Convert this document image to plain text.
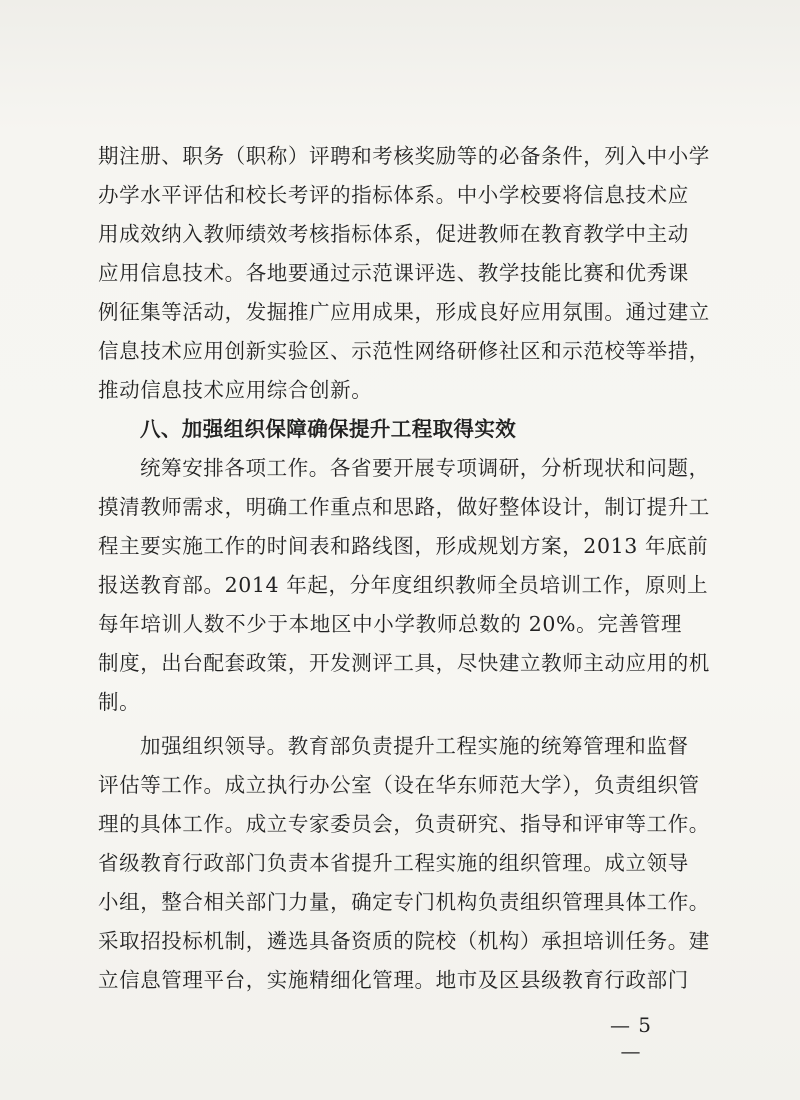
期注册、职务（职称）评聘和考核奖励等的必备条件，列入中小学
办学水平评估和校长考评的指标体系。中小学校要将信息技术应
用成效纳入教师绩效考核指标体系，促进教师在教育教学中主动
应用信息技术。各地要通过示范课评选、教学技能比赛和优秀课
例征集等活动，发掘推广应用成果，形成良好应用氛围。通过建立
信息技术应用创新实验区、示范性网络研修社区和示范校等举措，
推动信息技术应用综合创新。
八、加强组织保障确保提升工程取得实效
统筹安排各项工作。各省要开展专项调研，分析现状和问题，
摸清教师需求，明确工作重点和思路，做好整体设计，制订提升工
程主要实施工作的时间表和路线图，形成规划方案，2013 年底前
报送教育部。2014 年起，分年度组织教师全员培训工作，原则上
每年培训人数不少于本地区中小学教师总数的 20%。完善管理
制度，出台配套政策，开发测评工具，尽快建立教师主动应用的机
制。
加强组织领导。教育部负责提升工程实施的统筹管理和监督
评估等工作。成立执行办公室（设在华东师范大学），负责组织管
理的具体工作。成立专家委员会，负责研究、指导和评审等工作。
省级教育行政部门负责本省提升工程实施的组织管理。成立领导
小组，整合相关部门力量，确定专门机构负责组织管理具体工作。
采取招投标机制，遴选具备资质的院校（机构）承担培训任务。建
立信息管理平台，实施精细化管理。地市及区县级教育行政部门
— 5 —
